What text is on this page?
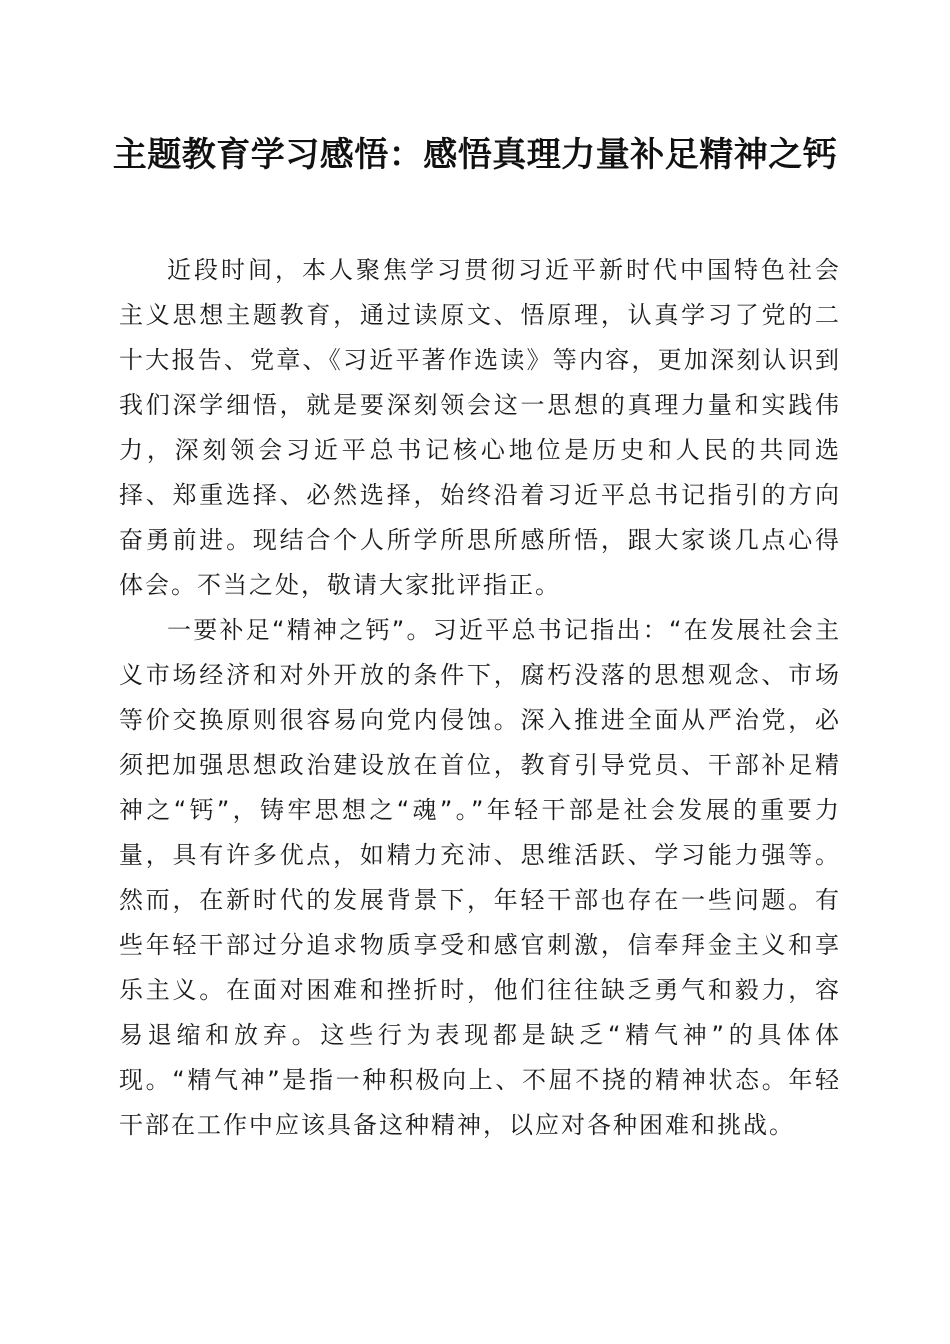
主题教育学习感悟：感悟真理力量补足精神之钙

近段时间，本人聚焦学习贯彻习近平新时代中国特色社会主义思想主题教育，通过读原文、悟原理，认真学习了党的二十大报告、党章、《习近平著作选读》等内容，更加深刻认识到我们深学细悟，就是要深刻领会这一思想的真理力量和实践伟力，深刻领会习近平总书记核心地位是历史和人民的共同选择、郑重选择、必然选择，始终沿着习近平总书记指引的方向奋勇前进。现结合个人所学所思所感所悟，跟大家谈几点心得体会。不当之处，敬请大家批评指正。

一要补足“精神之钙”。习近平总书记指出：“在发展社会主义市场经济和对外开放的条件下，腐朽没落的思想观念、市场等价交换原则很容易向党内侵蚀。深入推进全面从严治党，必须把加强思想政治建设放在首位，教育引导党员、干部补足精神之“钙”，铸牢思想之“魂”。”年轻干部是社会发展的重要力量，具有许多优点，如精力充沛、思维活跃、学习能力强等。然而，在新时代的发展背景下，年轻干部也存在一些问题。有些年轻干部过分追求物质享受和感官刺激，信奉拜金主义和享乐主义。在面对困难和挫折时，他们往往缺乏勇气和毅力，容易退缩和放弃。这些行为表现都是缺乏“精气神”的具体体现。“精气神”是指一种积极向上、不屈不挠的精神状态。年轻干部在工作中应该具备这种精神，以应对各种困难和挑战。
